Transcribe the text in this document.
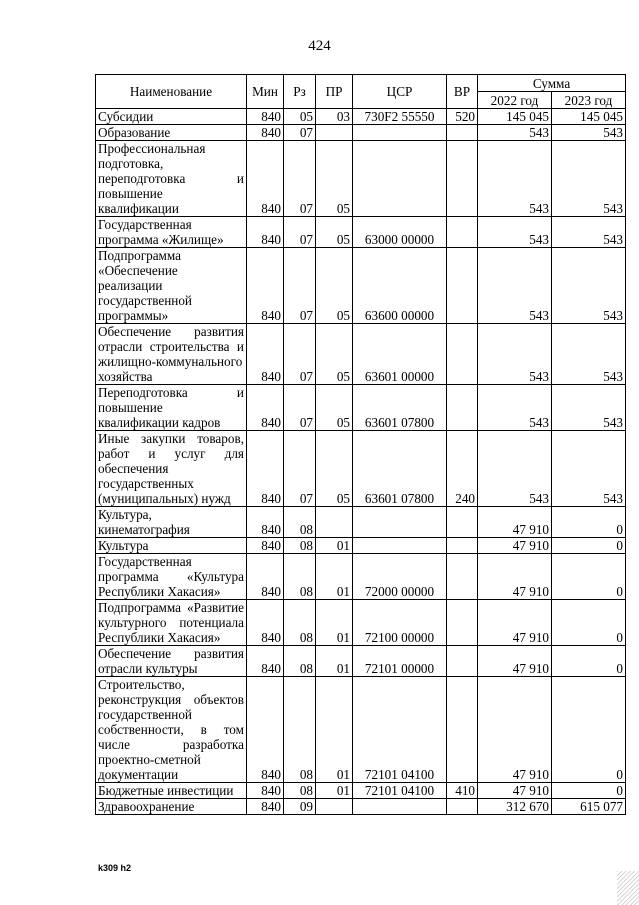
424
Наименование	Мин	Рз	ПР	ЦСР	ВР	Сумма	
						2022 год	2023 год
Субсидии	840	05	03	730F2 55550	520	145 045	145 045
Образование	840	07				543	543
Профессиональная подготовка, переподготовка и повышение квалификации	840	07	05			543	543
Государственная программа «Жилище»	840	07	05	63000 00000		543	543
Подпрограмма «Обеспечение реализации государственной программы»	840	07	05	63600 00000		543	543
Обеспечение развития отрасли строительства и жилищно-коммунального хозяйства	840	07	05	63601 00000		543	543
Переподготовка и повышение квалификации кадров	840	07	05	63601 07800		543	543
Иные закупки товаров, работ и услуг для обеспечения государственных (муниципальных) нужд	840	07	05	63601 07800	240	543	543
Культура, кинематография	840	08				47 910	0
Культура	840	08	01			47 910	0
Государственная программа «Культура Республики Хакасия»	840	08	01	72000 00000		47 910	0
Подпрограмма «Развитие культурного потенциала Республики Хакасия»	840	08	01	72100 00000		47 910	0
Обеспечение развития отрасли культуры	840	08	01	72101 00000		47 910	0
Строительство, реконструкция объектов государственной собственности, в том числе разработка проектно-сметной документации	840	08	01	72101 04100		47 910	0
Бюджетные инвестиции	840	08	01	72101 04100	410	47 910	0
Здравоохранение	840	09				312 670	615 077
k309 h2
